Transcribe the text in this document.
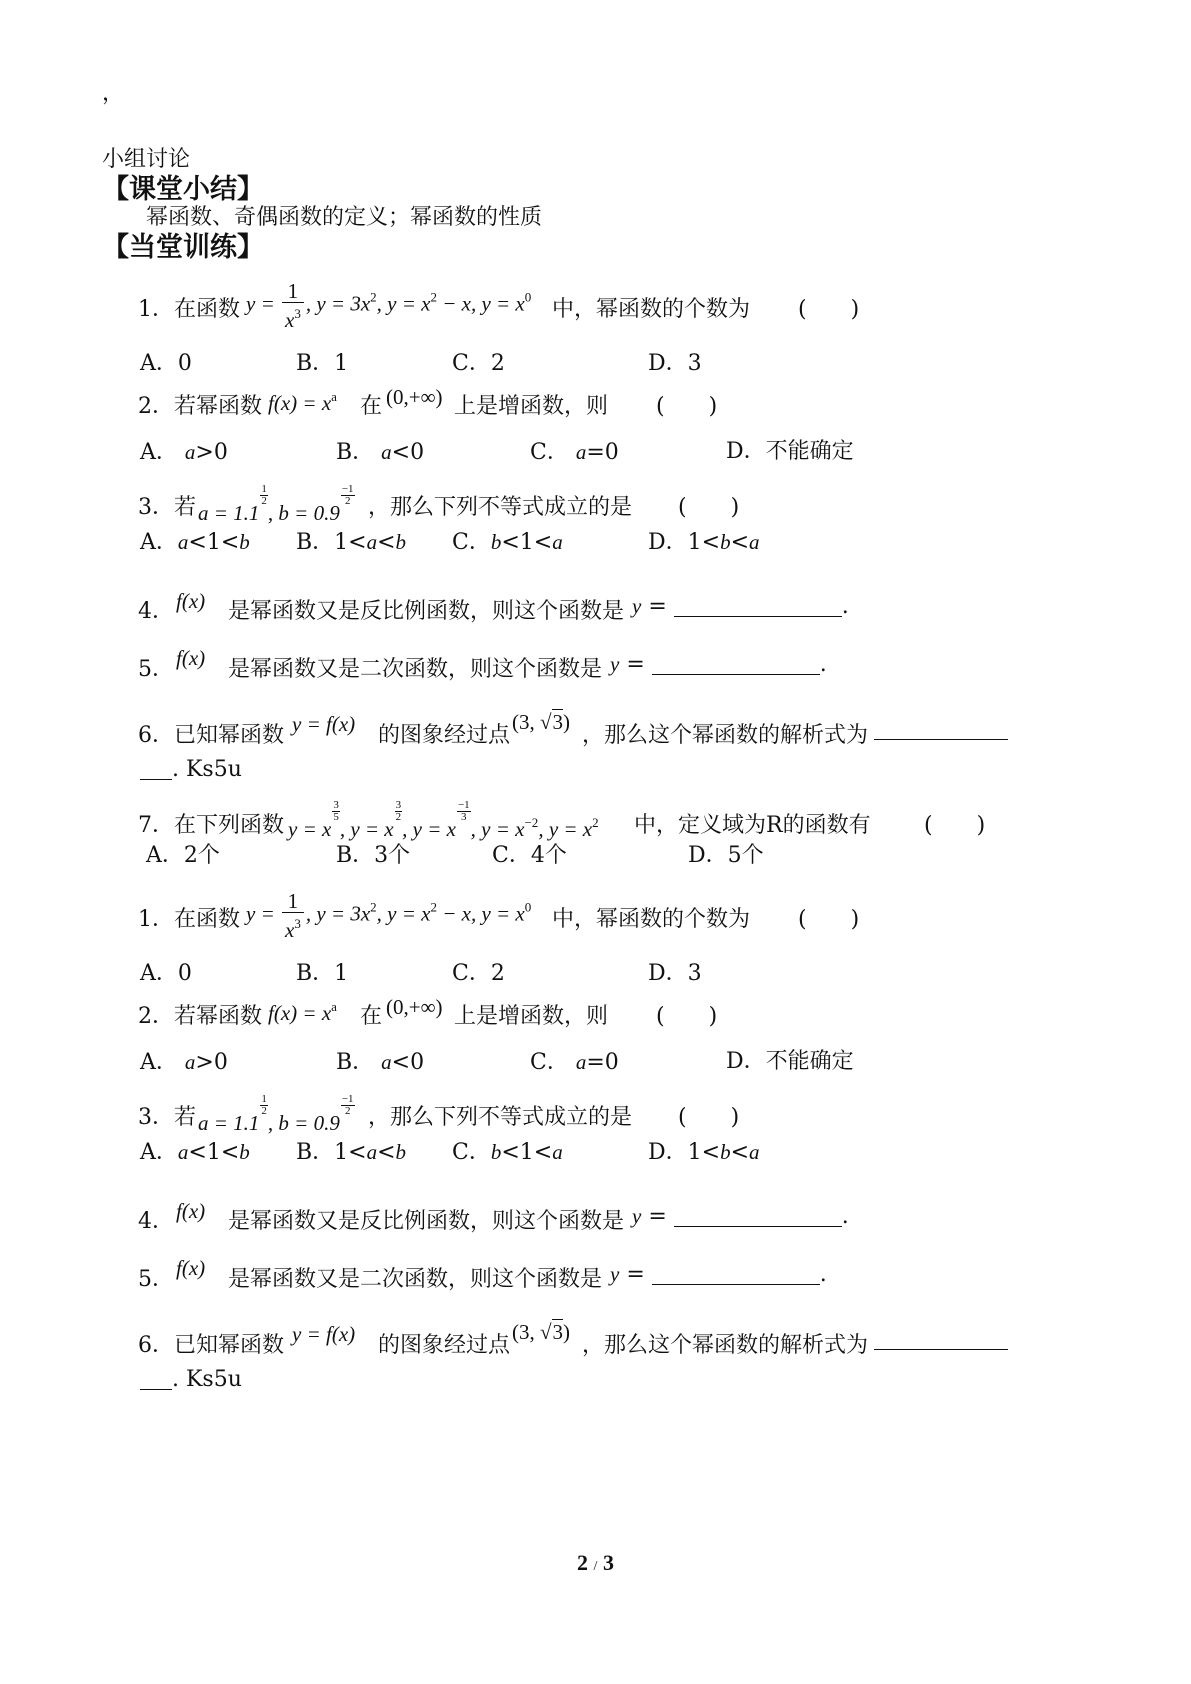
，
小组讨论
【课堂小结】
幂函数、奇偶函数的定义；幂函数的性质
【当堂训练】
1．在函数 $y = \frac{1}{x^3}$ , $y = 3x^2$, $y = x^2 - x$, $y = x^0$
中，幂函数的个数为 (　　)
A．0	B．1	C．2	D．3
2．若幂函数 $f(x) = x^a$ 在 (0,+∞) 上是增函数，则 (　　)
A． a>0	B． a<0	C． a=0	D．不能确定
3．若 a = 1.1
$\frac{1}{2}$
, b = 0.9
$\frac{-1}{2}$ ，那么下列不等式成立的是 (　　)
A．a<1<b B．1<a<b C．b<1<a	D．1<b<a
4． f(x) 是幂函数又是反比例函数，则这个函数是 y =	.
5． f(x) 是幂函数又是二次函数，则这个函数是 y =	.
6．已知幂函数 y = f(x) 的图象经过点
(3, √3)
，那么这个幂函数的解析式为
. Ks5u
7．在下列函数 y = x
$\frac{3}{5}$
, y = x
$\frac{3}{2}$
, y = x
$\frac{-1}{3}$
, $y = x^{-2}$, $y = x^2$ 中，定义域为R的函数有 (　　)
A．2个	B．3个	C．4个	D．5个
1．在函数 $y = \frac{1}{x^3}$ , $y = 3x^2$, $y = x^2 - x$, $y = x^0$
中，幂函数的个数为 (　　)
A．0	B．1	C．2	D．3
2．若幂函数 $f(x) = x^a$ 在 (0,+∞) 上是增函数，则 (　　)
A． a>0	B． a<0	C． a=0	D．不能确定
3．若 a = 1.1
$\frac{1}{2}$
, b = 0.9
$\frac{-1}{2}$ ，那么下列不等式成立的是 (　　)
A．a<1<b B．1<a<b C．b<1<a	D．1<b<a
4． f(x) 是幂函数又是反比例函数，则这个函数是 y =	.
5． f(x) 是幂函数又是二次函数，则这个函数是 y =	.
6．已知幂函数 y = f(x) 的图象经过点
(3, √3)
，那么这个幂函数的解析式为
. Ks5u
2 / 3
